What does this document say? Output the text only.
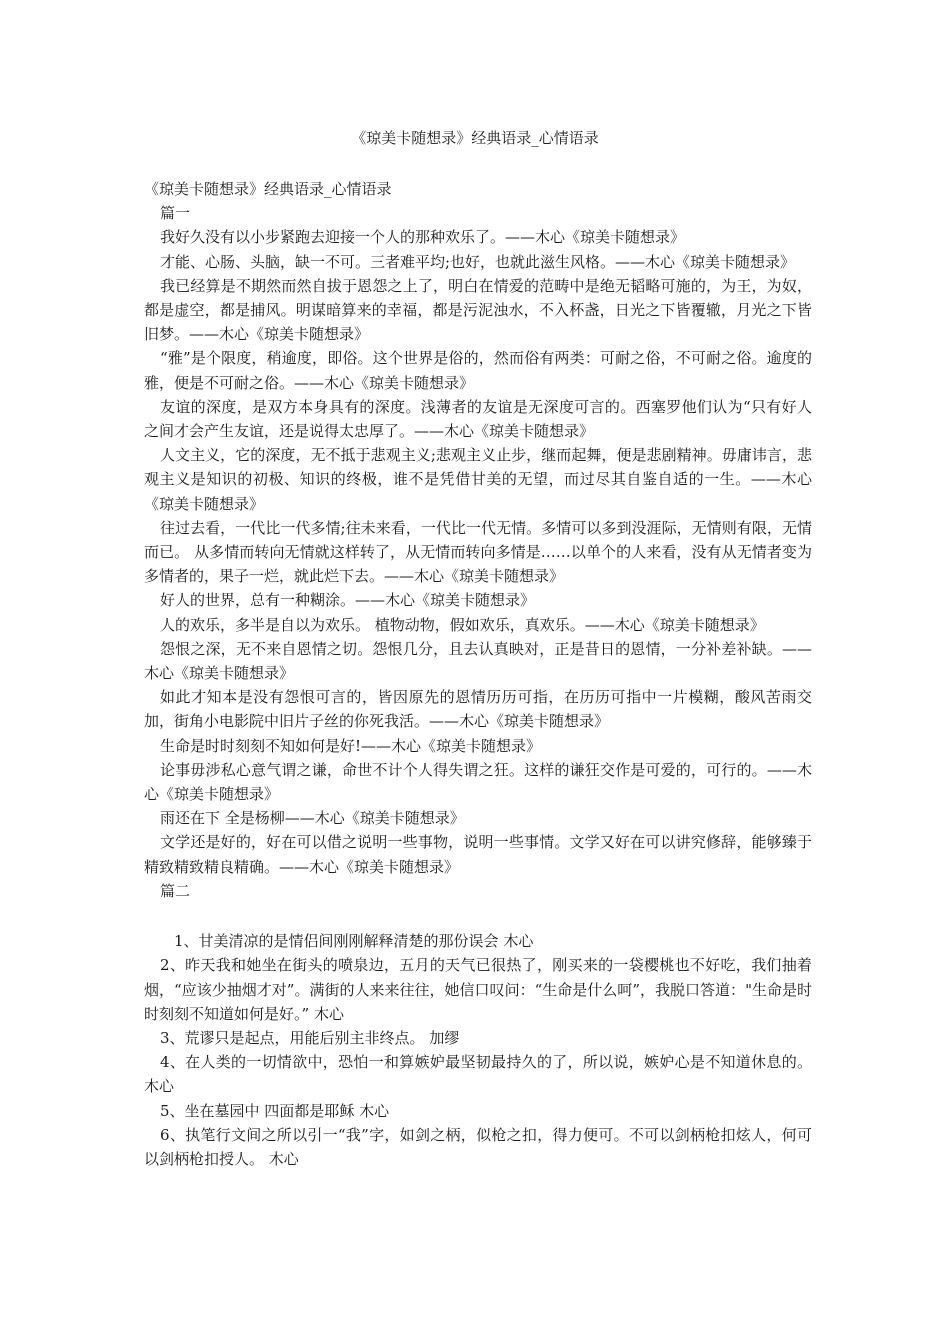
《琼美卡随想录》经典语录_心情语录

《琼美卡随想录》经典语录_心情语录

篇一

我好久没有以小步紧跑去迎接一个人的那种欢乐了。——木心《琼美卡随想录》

才能、心肠、头脑，缺一不可。三者难平均;也好，也就此滋生风格。——木心《琼美卡随想录》

我已经算是不期然而然自拔于恩怨之上了，明白在情爱的范畴中是绝无韬略可施的，为王，为奴，都是虚空，都是捕风。明谋暗算来的幸福，都是污泥浊水，不入杯盏，日光之下皆覆辙，月光之下皆旧梦。——木心《琼美卡随想录》

“雅”是个限度，稍逾度，即俗。这个世界是俗的，然而俗有两类：可耐之俗，不可耐之俗。逾度的雅，便是不可耐之俗。——木心《琼美卡随想录》

友谊的深度，是双方本身具有的深度。浅薄者的友谊是无深度可言的。西塞罗他们认为“只有好人之间才会产生友谊，还是说得太忠厚了。——木心《琼美卡随想录》

人文主义，它的深度，无不抵于悲观主义;悲观主义止步，继而起舞，便是悲剧精神。毋庸讳言，悲观主义是知识的初极、知识的终极，谁不是凭借甘美的无望，而过尽其自鉴自适的一生。——木心《琼美卡随想录》

往过去看，一代比一代多情;往未来看，一代比一代无情。多情可以多到没涯际，无情则有限，无情而已。 从多情而转向无情就这样转了，从无情而转向多情是……以单个的人来看，没有从无情者变为多情者的，果子一烂，就此烂下去。——木心《琼美卡随想录》

好人的世界，总有一种糊涂。——木心《琼美卡随想录》

人的欢乐，多半是自以为欢乐。 植物动物，假如欢乐，真欢乐。——木心《琼美卡随想录》

怨恨之深，无不来自恩情之切。怨恨几分，且去认真映对，正是昔日的恩情，一分补差补缺。——木心《琼美卡随想录》

如此才知本是没有怨恨可言的，皆因原先的恩情历历可指，在历历可指中一片模糊，酸风苦雨交加，街角小电影院中旧片子丝的你死我活。——木心《琼美卡随想录》

生命是时时刻刻不知如何是好!——木心《琼美卡随想录》

论事毋涉私心意气谓之谦，命世不计个人得失谓之狂。这样的谦狂交作是可爱的，可行的。——木心《琼美卡随想录》

雨还在下 全是杨柳——木心《琼美卡随想录》

文学还是好的，好在可以借之说明一些事物，说明一些事情。文学又好在可以讲究修辞，能够臻于精致精致精良精确。——木心《琼美卡随想录》

篇二

1、甘美清凉的是情侣间刚刚解释清楚的那份误会 木心

2、昨天我和她坐在街头的喷泉边，五月的天气已很热了，刚买来的一袋樱桃也不好吃，我们抽着烟，“应该少抽烟才对”。满街的人来来往往，她信口叹问：“生命是什么呵”，我脱口答道："生命是时时刻刻不知道如何是好。” 木心

3、荒谬只是起点，用能后别主非终点。 加缪

4、在人类的一切情欲中，恐怕一和算嫉妒最坚韧最持久的了，所以说，嫉妒心是不知道休息的。 木心

5、坐在墓园中 四面都是耶稣 木心

6、执笔行文间之所以引一“我”字，如剑之柄，似枪之扣，得力便可。不可以剑柄枪扣炫人，何可以剑柄枪扣授人。 木心
